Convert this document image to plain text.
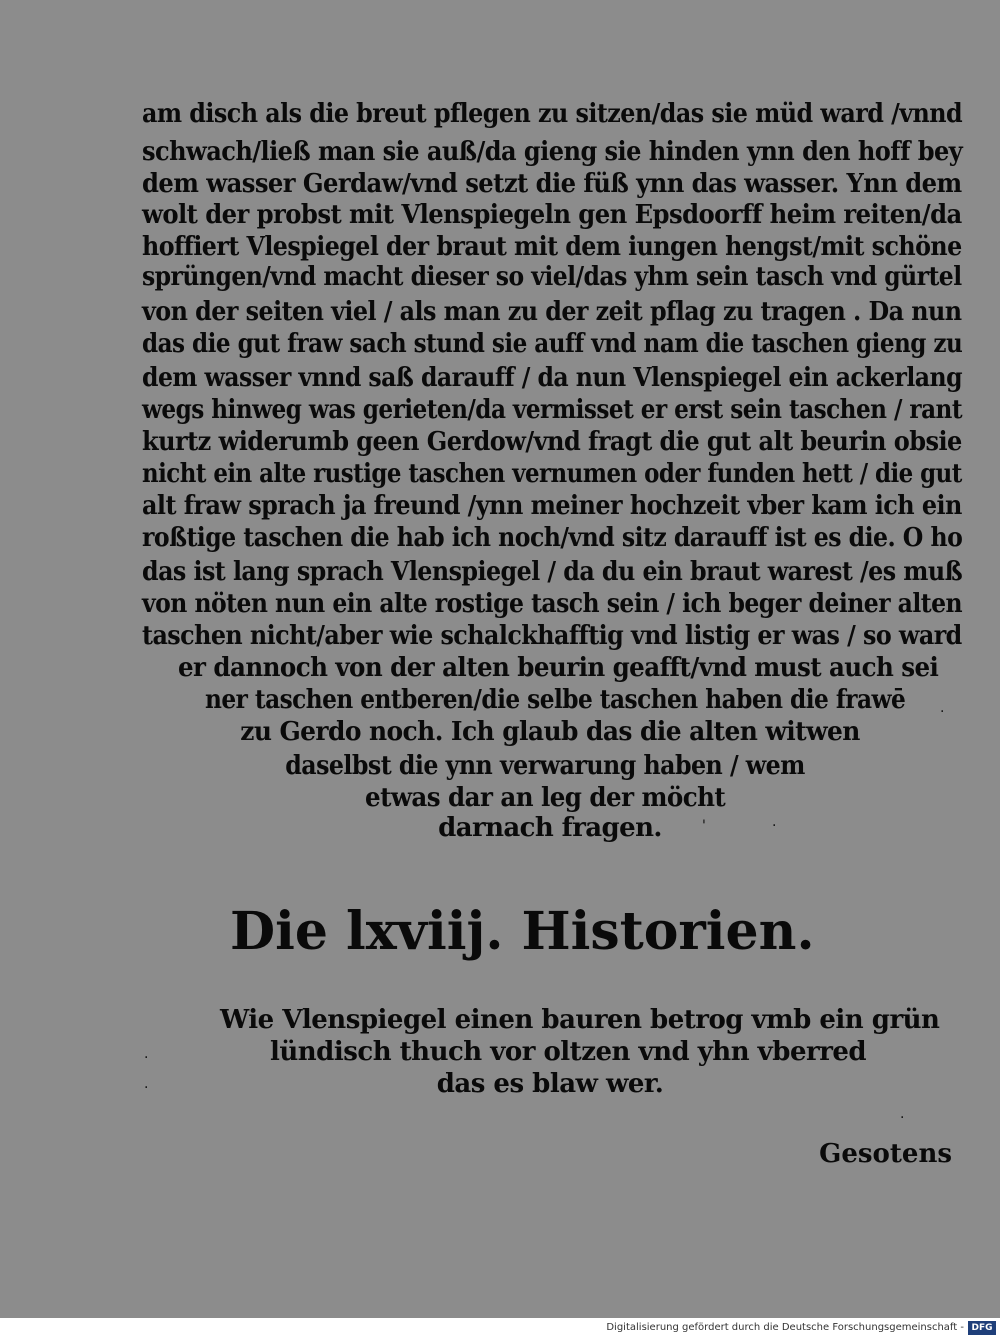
am disch als die breut pflegen zu sitzen/das sie müd ward /vnnd
schwach/ließ man sie auß/da gieng sie hinden ynn den hoff bey
dem wasser Gerdaw/vnd setzt die füß ynn das wasser. Ynn dem
wolt der probst mit Vlenspiegeln gen Epsdoorff heim reiten/da
hoffiert Vlespiegel der braut mit dem iungen hengst/mit schöne
sprüngen/vnd macht dieser so viel/das yhm sein tasch vnd gürtel
von der seiten viel / als man zu der zeit pflag zu tragen . Da nun
das die gut fraw sach stund sie auff vnd nam die taschen gieng zu
dem wasser vnnd saß darauff / da nun Vlenspiegel ein ackerlang
wegs hinweg was gerieten/da vermisset er erst sein taschen / rant
kurtz widerumb geen Gerdow/vnd fragt die gut alt beurin obsie
nicht ein alte rustige taschen vernumen oder funden hett / die gut
alt fraw sprach ja freund /ynn meiner hochzeit vber kam ich ein
roßtige taschen die hab ich noch/vnd sitz darauff ist es die. O ho
das ist lang sprach Vlenspiegel / da du ein braut warest /es muß
von nöten nun ein alte rostige tasch sein / ich beger deiner alten
taschen nicht/aber wie schalckhafftig vnd listig er was / so ward
er dannoch von der alten beurin geafft/vnd must auch sei
ner taschen entberen/die selbe taschen haben die frawē
zu Gerdo noch. Ich glaub das die alten witwen
daselbst die ynn verwarung haben / wem
etwas dar an leg der möcht
darnach fragen.
Die lxviij. Historien.
Wie Vlenspiegel einen bauren betrog vmb ein grün
lündisch thuch vor oltzen vnd yhn vberred
das es blaw wer.
Gesotens
'	·
·
·
·
·
Digitalisierung gefördert durch die Deutsche Forschungsgemeinschaft - DFG
